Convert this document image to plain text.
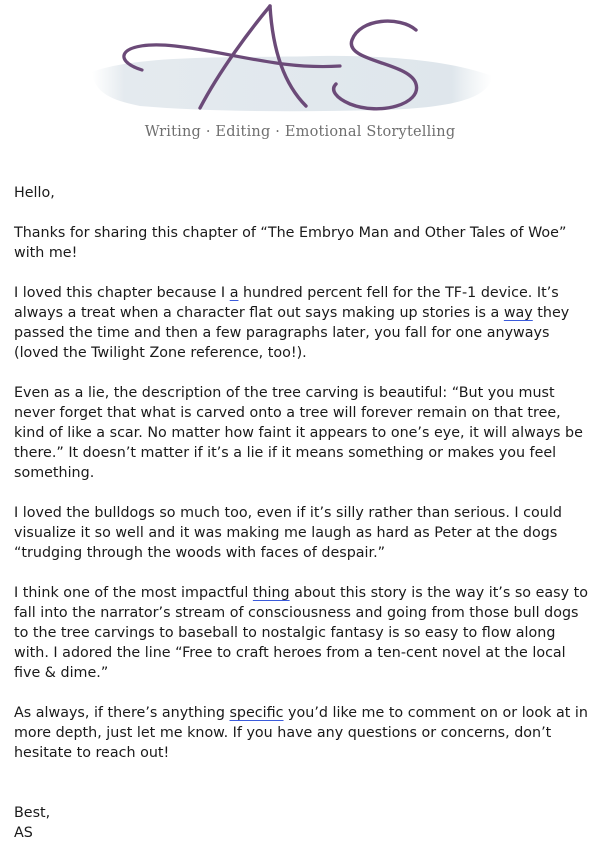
Writing · Editing · Emotional Storytelling

Hello,

Thanks for sharing this chapter of “The Embryo Man and Other Tales of Woe” with me!

I loved this chapter because I a hundred percent fell for the TF-1 device. It’s always a treat when a character flat out says making up stories is a way they passed the time and then a few paragraphs later, you fall for one anyways (loved the Twilight Zone reference, too!).

Even as a lie, the description of the tree carving is beautiful: “But you must never forget that what is carved onto a tree will forever remain on that tree, kind of like a scar. No matter how faint it appears to one’s eye, it will always be there.” It doesn’t matter if it’s a lie if it means something or makes you feel something.

I loved the bulldogs so much too, even if it’s silly rather than serious. I could visualize it so well and it was making me laugh as hard as Peter at the dogs “trudging through the woods with faces of despair.”

I think one of the most impactful thing about this story is the way it’s so easy to fall into the narrator’s stream of consciousness and going from those bull dogs to the tree carvings to baseball to nostalgic fantasy is so easy to flow along with. I adored the line “Free to craft heroes from a ten-cent novel at the local five & dime.”

As always, if there’s anything specific you’d like me to comment on or look at in more depth, just let me know. If you have any questions or concerns, don’t hesitate to reach out!

Best,
AS
